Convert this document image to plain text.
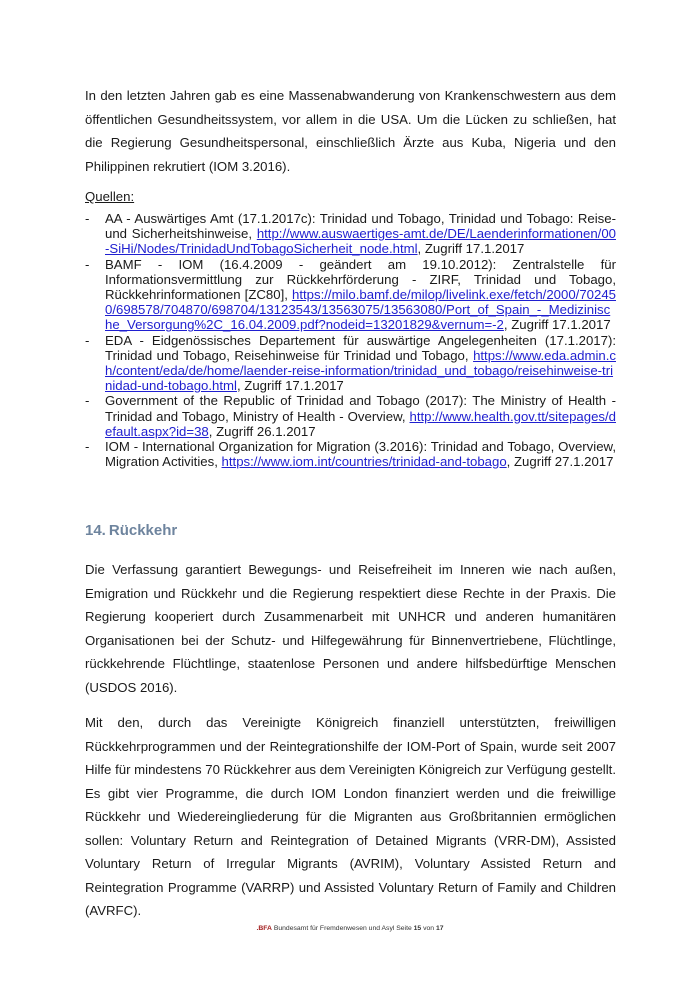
In den letzten Jahren gab es eine Massenabwanderung von Krankenschwestern aus dem öffentlichen Gesundheitssystem, vor allem in die USA. Um die Lücken zu schließen, hat die Regierung Gesundheitspersonal, einschließlich Ärzte aus Kuba, Nigeria und den Philippinen rekrutiert (IOM 3.2016).

Quellen:

- AA - Auswärtiges Amt (17.1.2017c): Trinidad und Tobago, Trinidad und Tobago: Reise- und Sicherheitshinweise, http://www.auswaertiges-amt.de/DE/Laenderinformationen/00-SiHi/Nodes/TrinidadUndTobagoSicherheit_node.html, Zugriff 17.1.2017
- BAMF - IOM (16.4.2009 - geändert am 19.10.2012): Zentralstelle für Informationsvermittlung zur Rückkehrförderung - ZIRF, Trinidad und Tobago, Rückkehrinformationen [ZC80], https://milo.bamf.de/milop/livelink.exe/fetch/2000/702450/698578/704870/698704/13123543/13563075/13563080/Port_of_Spain_-_Medizinische_Versorgung%2C_16.04.2009.pdf?nodeid=13201829&vernum=-2, Zugriff 17.1.2017
- EDA - Eidgenössisches Departement für auswärtige Angelegenheiten (17.1.2017): Trinidad und Tobago, Reisehinweise für Trinidad und Tobago, https://www.eda.admin.ch/content/eda/de/home/laender-reise-information/trinidad_und_tobago/reisehinweise-trinidad-und-tobago.html, Zugriff 17.1.2017
- Government of the Republic of Trinidad and Tobago (2017): The Ministry of Health - Trinidad and Tobago, Ministry of Health - Overview, http://www.health.gov.tt/sitepages/default.aspx?id=38, Zugriff 26.1.2017
- IOM - International Organization for Migration (3.2016): Trinidad and Tobago, Overview, Migration Activities, https://www.iom.int/countries/trinidad-and-tobago, Zugriff 27.1.2017
14. Rückkehr

Die Verfassung garantiert Bewegungs- und Reisefreiheit im Inneren wie nach außen, Emigration und Rückkehr und die Regierung respektiert diese Rechte in der Praxis. Die Regierung kooperiert durch Zusammenarbeit mit UNHCR und anderen humanitären Organisationen bei der Schutz- und Hilfegewährung für Binnenvertriebene, Flüchtlinge, rückkehrende Flüchtlinge, staatenlose Personen und andere hilfsbedürftige Menschen (USDOS 2016).

Mit den, durch das Vereinigte Königreich finanziell unterstützten, freiwilligen Rückkehrprogrammen und der Reintegrationshilfe der IOM-Port of Spain, wurde seit 2007 Hilfe für mindestens 70 Rückkehrer aus dem Vereinigten Königreich zur Verfügung gestellt. Es gibt vier Programme, die durch IOM London finanziert werden und die freiwillige Rückkehr und Wiedereingliederung für die Migranten aus Großbritannien ermöglichen sollen: Voluntary Return and Reintegration of Detained Migrants (VRR-DM), Assisted Voluntary Return of Irregular Migrants (AVRIM), Voluntary Assisted Return and Reintegration Programme (VARRP) und Assisted Voluntary Return of Family and Children (AVRFC).

.BFA Bundesamt für Fremdenwesen und Asyl Seite 15 von 17
